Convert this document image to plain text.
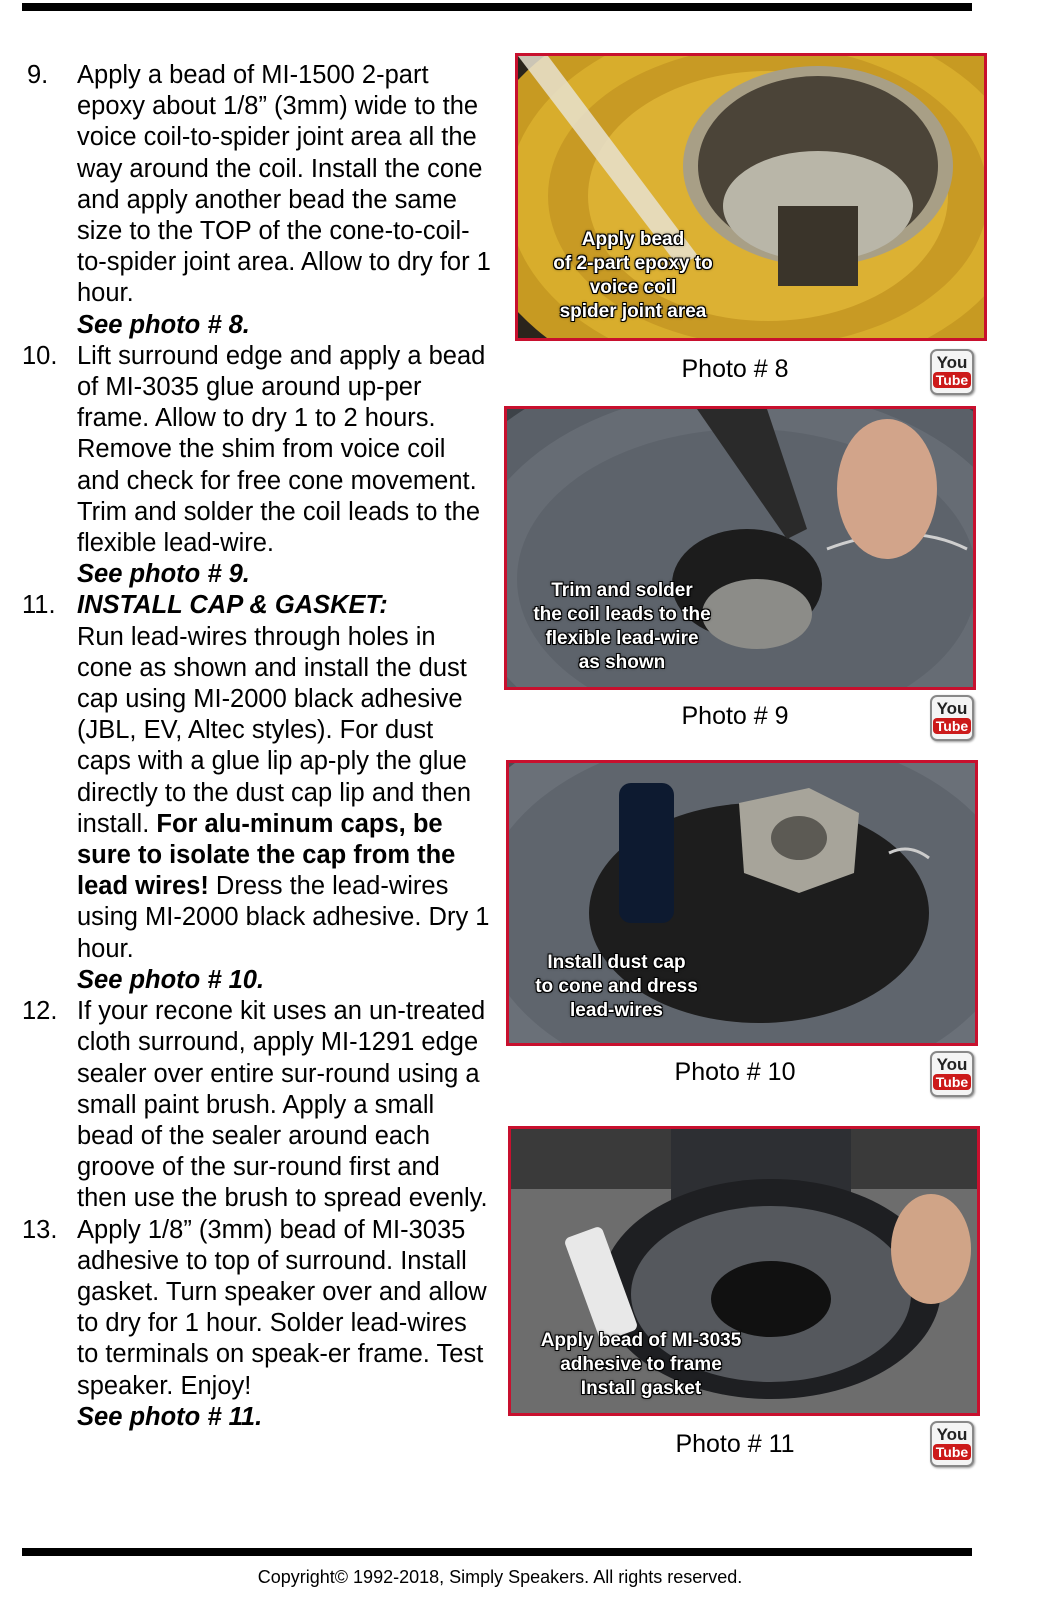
9.	Apply a bead of MI-1500 2-part epoxy about 1/8” (3mm) wide to the voice coil-to-spider joint area all the way around the coil. Install the cone and apply another bead the same size to the TOP of the cone-to-coil-to-spider joint area. Allow to dry for 1 hour.
See photo # 8.
10. Lift surround edge and apply a bead of MI-3035 glue around up-per frame. Allow to dry 1 to 2 hours. Remove the shim from voice coil and check for free cone movement. Trim and solder the coil leads to the flexible lead-wire.
See photo # 9.
11. INSTALL CAP & GASKET:
Run lead-wires through holes in cone as shown and install the dust cap using MI-2000 black adhesive (JBL, EV, Altec styles). For dust caps with a glue lip ap-ply the glue directly to the dust cap lip and then install. For alu-minum caps, be sure to isolate the cap from the lead wires! Dress the lead-wires using MI-2000 black adhesive. Dry 1 hour.
See photo # 10.
12. If your recone kit uses an un-treated cloth surround, apply MI-1291 edge sealer over entire sur-round using a small paint brush. Apply a small bead of the sealer around each groove of the sur-round first and then use the brush to spread evenly.
13. Apply 1/8” (3mm) bead of MI-3035 adhesive to top of surround. Install gasket. Turn speaker over and allow to dry for 1 hour. Solder lead-wires to terminals on speak-er frame. Test speaker. Enjoy!
See photo # 11.
Apply bead
of 2-part epoxy to
voice coil
spider joint area
Photo # 8	You
Tube
Trim and solder
the coil leads to the
flexible lead-wire
as shown
Photo # 9	You
Tube
Install dust cap
to cone and dress
lead-wires
Photo # 10	You
Tube
Apply bead of MI-3035
adhesive to frame
Install gasket
Photo # 11	You
Tube
Copyright© 1992-2018, Simply Speakers. All rights reserved.
